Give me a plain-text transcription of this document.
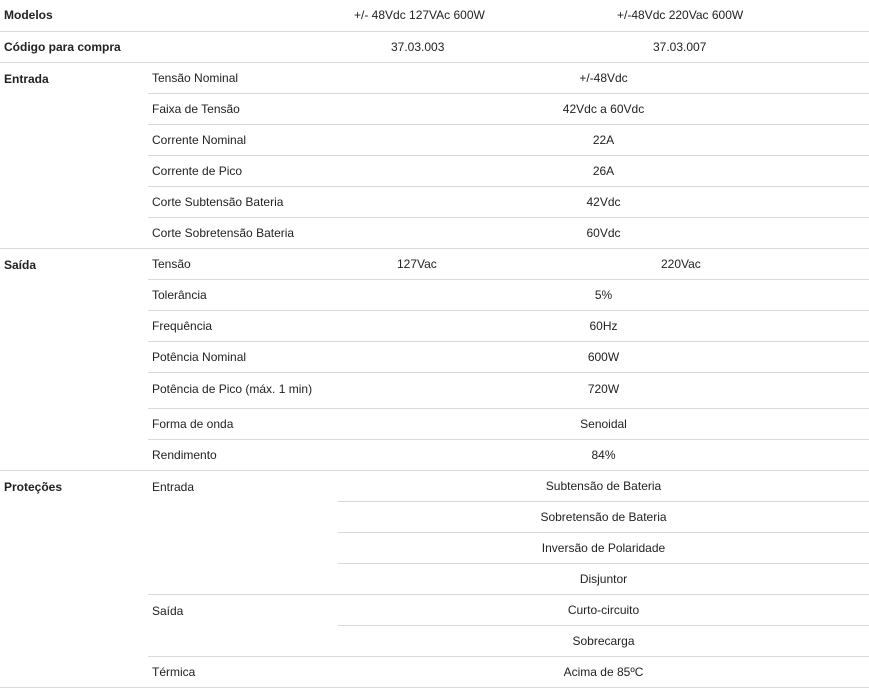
Modelos		+/- 48Vdc 127VAc 600W	+/-48Vdc 220Vac 600W
Código para compra		37.03.003	37.03.007
Entrada	Tensão Nominal	+/-48Vdc	
	Faixa de Tensão	42Vdc a 60Vdc	
	Corrente Nominal	22A	
	Corrente de Pico	26A	
	Corte Subtensão Bateria	42Vdc	
	Corte Sobretensão Bateria	60Vdc	
Saída	Tensão	127Vac	220Vac
	Tolerância	5%	
	Frequência	60Hz	
	Potência Nominal	600W	
	Potência de Pico (máx. 1 min)	720W	
	Forma de onda	Senoidal	
	Rendimento	84%	
Proteções	Entrada	Subtensão de Bateria	
		Sobretensão de Bateria	
		Inversão de Polaridade	
		Disjuntor	
	Saída	Curto-circuito	
		Sobrecarga	
	Térmica	Acima de 85ºC	
